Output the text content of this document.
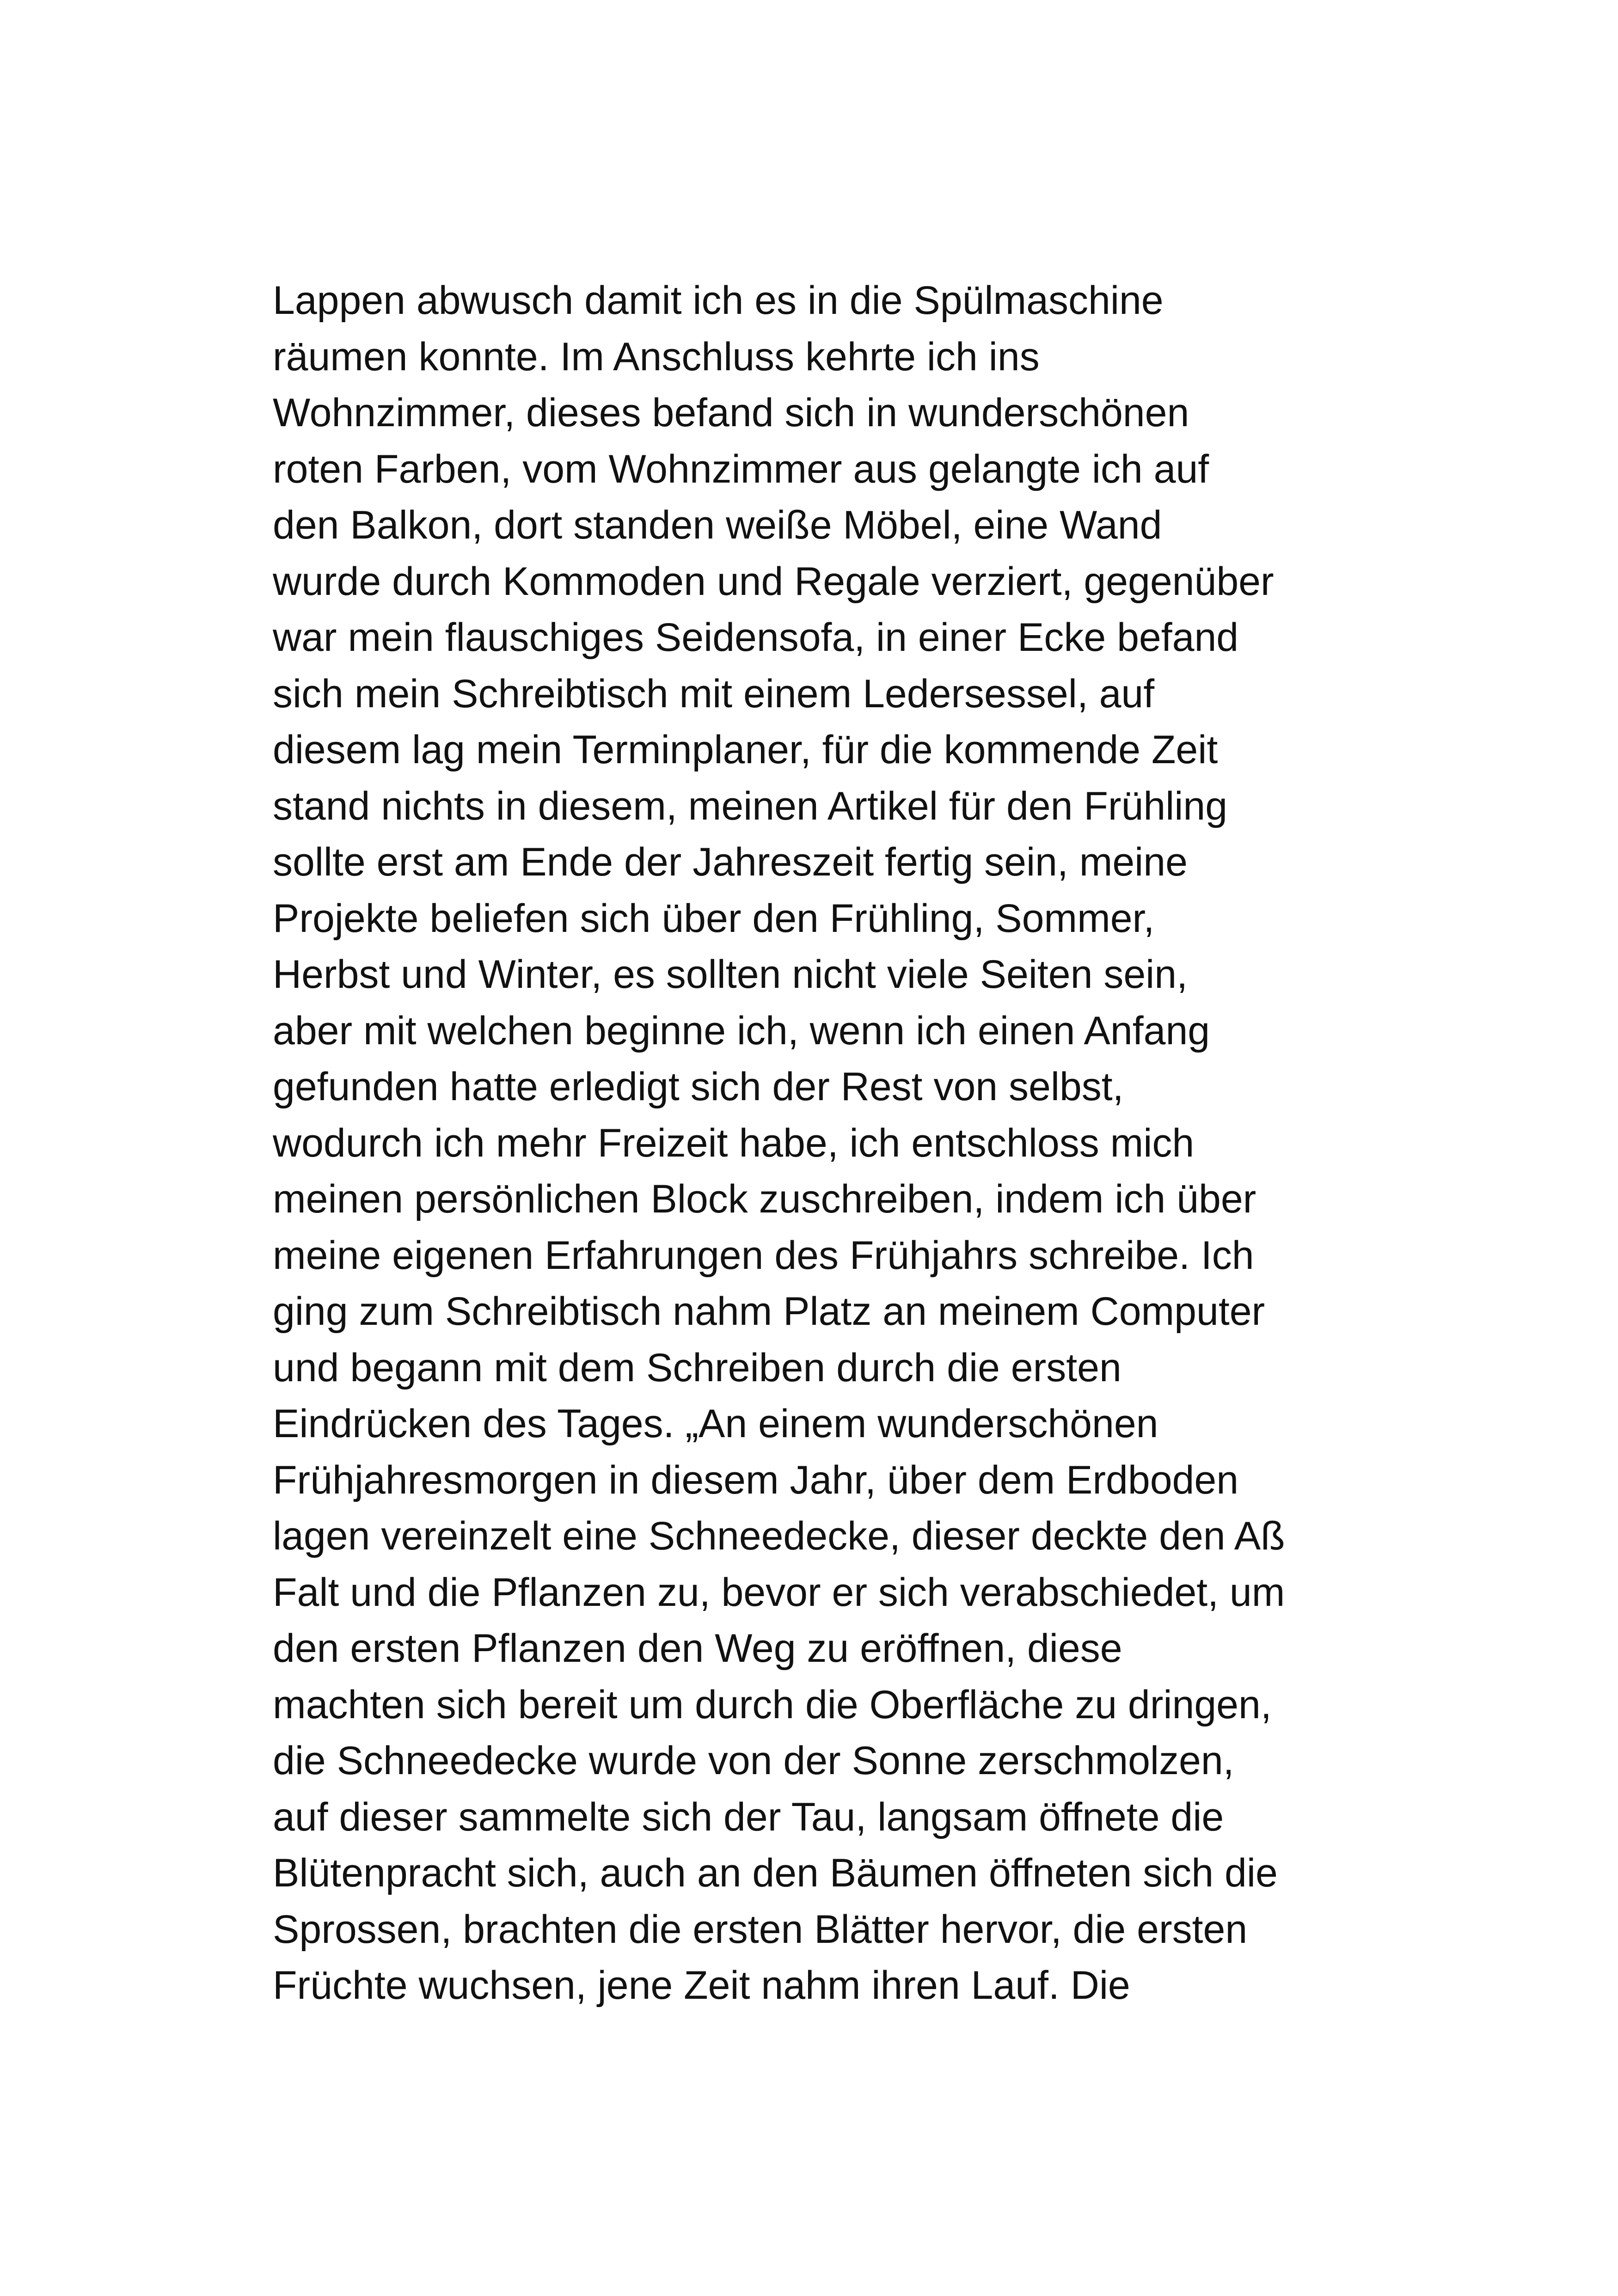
Lappen abwusch damit ich es in die Spülmaschine
räumen konnte. Im Anschluss kehrte ich ins
Wohnzimmer, dieses befand sich in wunderschönen
roten Farben, vom Wohnzimmer aus gelangte ich auf
den Balkon, dort standen weiße Möbel, eine Wand
wurde durch Kommoden und Regale verziert, gegenüber
war mein flauschiges Seidensofa, in einer Ecke befand
sich mein Schreibtisch mit einem Ledersessel, auf
diesem lag mein Terminplaner, für die kommende Zeit
stand nichts in diesem, meinen Artikel für den Frühling
sollte erst am Ende der Jahreszeit fertig sein, meine
Projekte beliefen sich über den Frühling, Sommer,
Herbst und Winter, es sollten nicht viele Seiten sein,
aber mit welchen beginne ich, wenn ich einen Anfang
gefunden hatte erledigt sich der Rest von selbst,
wodurch ich mehr Freizeit habe, ich entschloss mich
meinen persönlichen Block zuschreiben, indem ich über
meine eigenen Erfahrungen des Frühjahrs schreibe. Ich
ging zum Schreibtisch nahm Platz an meinem Computer
und begann mit dem Schreiben durch die ersten
Eindrücken des Tages. „An einem wunderschönen
Frühjahresmorgen in diesem Jahr, über dem Erdboden
lagen vereinzelt eine Schneedecke, dieser deckte den Aß
Falt und die Pflanzen zu, bevor er sich verabschiedet, um
den ersten Pflanzen den Weg zu eröffnen, diese
machten sich bereit um durch die Oberfläche zu dringen,
die Schneedecke wurde von der Sonne zerschmolzen,
auf dieser sammelte sich der Tau, langsam öffnete die
Blütenpracht sich, auch an den Bäumen öffneten sich die
Sprossen, brachten die ersten Blätter hervor, die ersten
Früchte wuchsen, jene Zeit nahm ihren Lauf. Die
